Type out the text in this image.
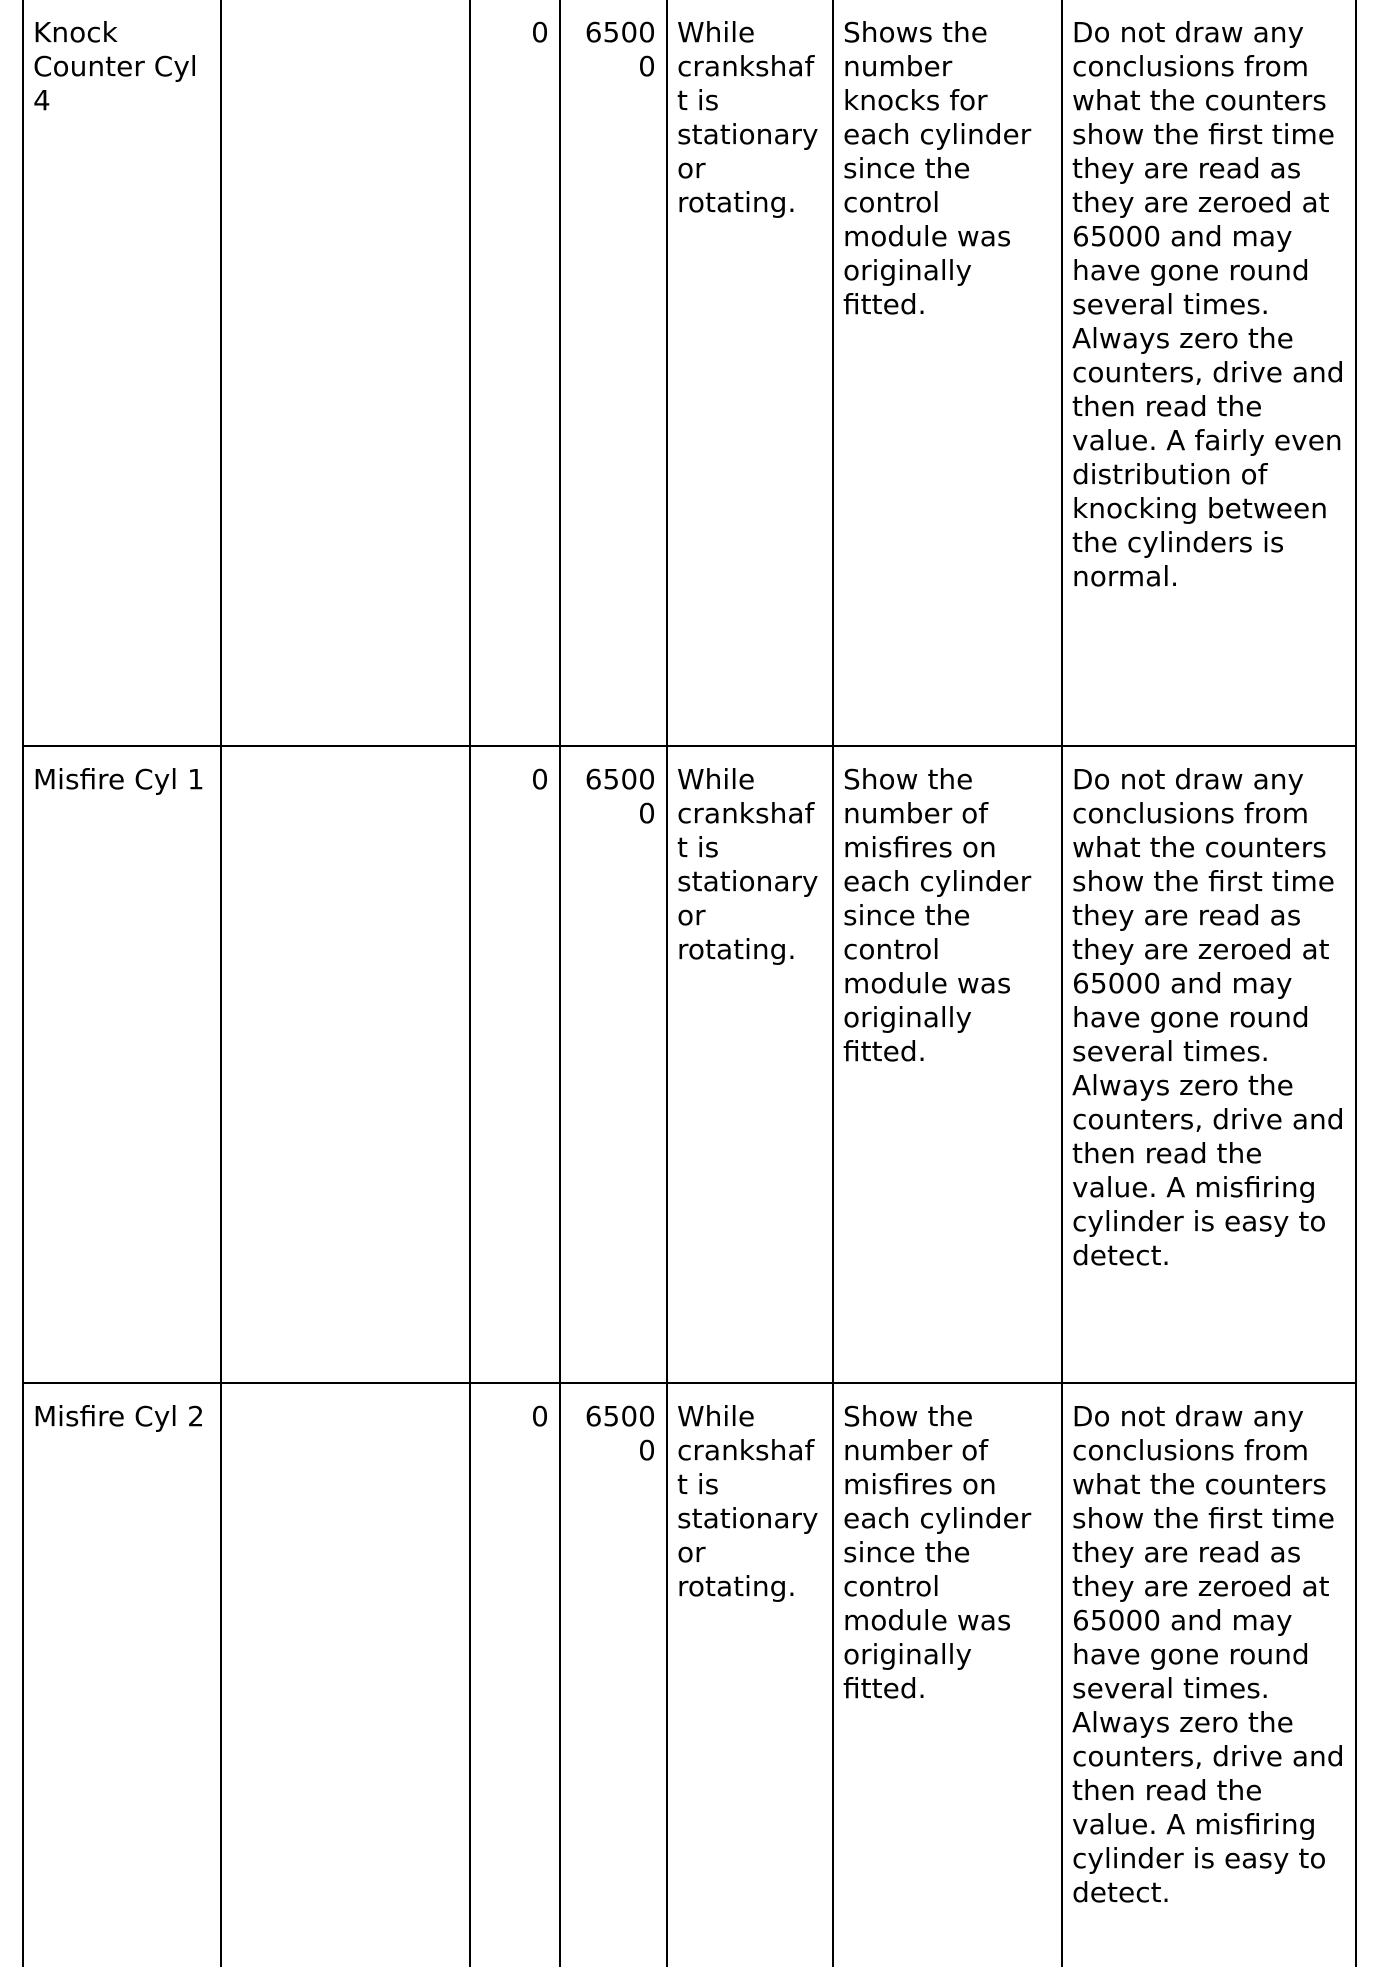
Knock Counter Cyl 4		0	65000	While crankshaft is stationary or rotating.	Shows the number knocks for each cylinder since the control module was originally fitted.	Do not draw any conclusions from what the counters show the first time they are read as they are zeroed at 65000 and may have gone round several times. Always zero the counters, drive and then read the value. A fairly even distribution of knocking between the cylinders is normal.
Misfire Cyl 1		0	65000	While crankshaft is stationary or rotating.	Show the number of misfires on each cylinder since the control module was originally fitted.	Do not draw any conclusions from what the counters show the first time they are read as they are zeroed at 65000 and may have gone round several times. Always zero the counters, drive and then read the value. A misfiring cylinder is easy to detect.
Misfire Cyl 2		0	65000	While crankshaft is stationary or rotating.	Show the number of misfires on each cylinder since the control module was originally fitted.	Do not draw any conclusions from what the counters show the first time they are read as they are zeroed at 65000 and may have gone round several times. Always zero the counters, drive and then read the value. A misfiring cylinder is easy to detect.
